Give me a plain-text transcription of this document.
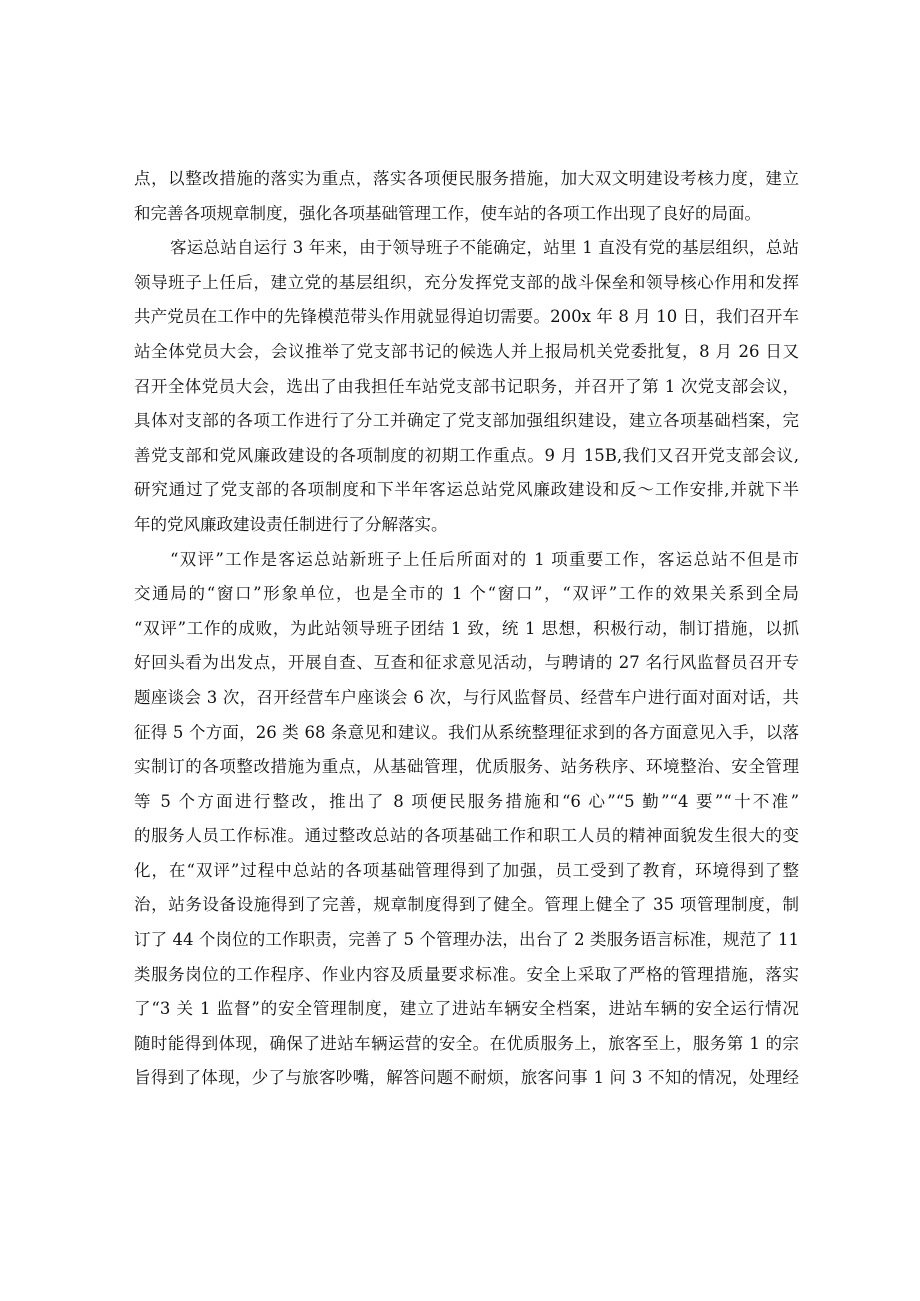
点，以整改措施的落实为重点，落实各项便民服务措施，加大双文明建设考核力度，建立
和完善各项规章制度，强化各项基础管理工作，使车站的各项工作出现了良好的局面。
客运总站自运行 3 年来，由于领导班子不能确定，站里 1 直没有党的基层组织，总站
领导班子上任后，建立党的基层组织，充分发挥党支部的战斗保垒和领导核心作用和发挥
共产党员在工作中的先锋模范带头作用就显得迫切需要。200x 年 8 月 10 日，我们召开车
站全体党员大会，会议推举了党支部书记的候选人并上报局机关党委批复，8 月 26 日又
召开全体党员大会，选出了由我担任车站党支部书记职务，并召开了第 1 次党支部会议，
具体对支部的各项工作进行了分工并确定了党支部加强组织建设，建立各项基础档案，完
善党支部和党风廉政建设的各项制度的初期工作重点。9 月 15B,我们又召开党支部会议,
研究通过了党支部的各项制度和下半年客运总站党风廉政建设和反～工作安排,并就下半
年的党风廉政建设责任制进行了分解落实。
“双评”工作是客运总站新班子上任后所面对的 1 项重要工作，客运总站不但是市
交通局的“窗口”形象单位，也是全市的 1 个“窗口”，“双评”工作的效果关系到全局
“双评”工作的成败，为此站领导班子团结 1 致，统 1 思想，积极行动，制订措施，以抓
好回头看为出发点，开展自查、互查和征求意见活动，与聘请的 27 名行风监督员召开专
题座谈会 3 次，召开经营车户座谈会 6 次，与行风监督员、经营车户进行面对面对话，共
征得 5 个方面，26 类 68 条意见和建议。我们从系统整理征求到的各方面意见入手，以落
实制订的各项整改措施为重点，从基础管理，优质服务、站务秩序、环境整治、安全管理
等 5 个方面进行整改，推出了 8 项便民服务措施和“6 心”“5 勤”“4 要”“十不准”
的服务人员工作标准。通过整改总站的各项基础工作和职工人员的精神面貌发生很大的变
化，在“双评”过程中总站的各项基础管理得到了加强，员工受到了教育，环境得到了整
治，站务设备设施得到了完善，规章制度得到了健全。管理上健全了 35 项管理制度，制
订了 44 个岗位的工作职责，完善了 5 个管理办法，出台了 2 类服务语言标准，规范了 11
类服务岗位的工作程序、作业内容及质量要求标准。安全上采取了严格的管理措施，落实
了“3 关 1 监督”的安全管理制度，建立了进站车辆安全档案，进站车辆的安全运行情况
随时能得到体现，确保了进站车辆运营的安全。在优质服务上，旅客至上，服务第 1 的宗
旨得到了体现，少了与旅客吵嘴，解答问题不耐烦，旅客问事 1 问 3 不知的情况，处理经
